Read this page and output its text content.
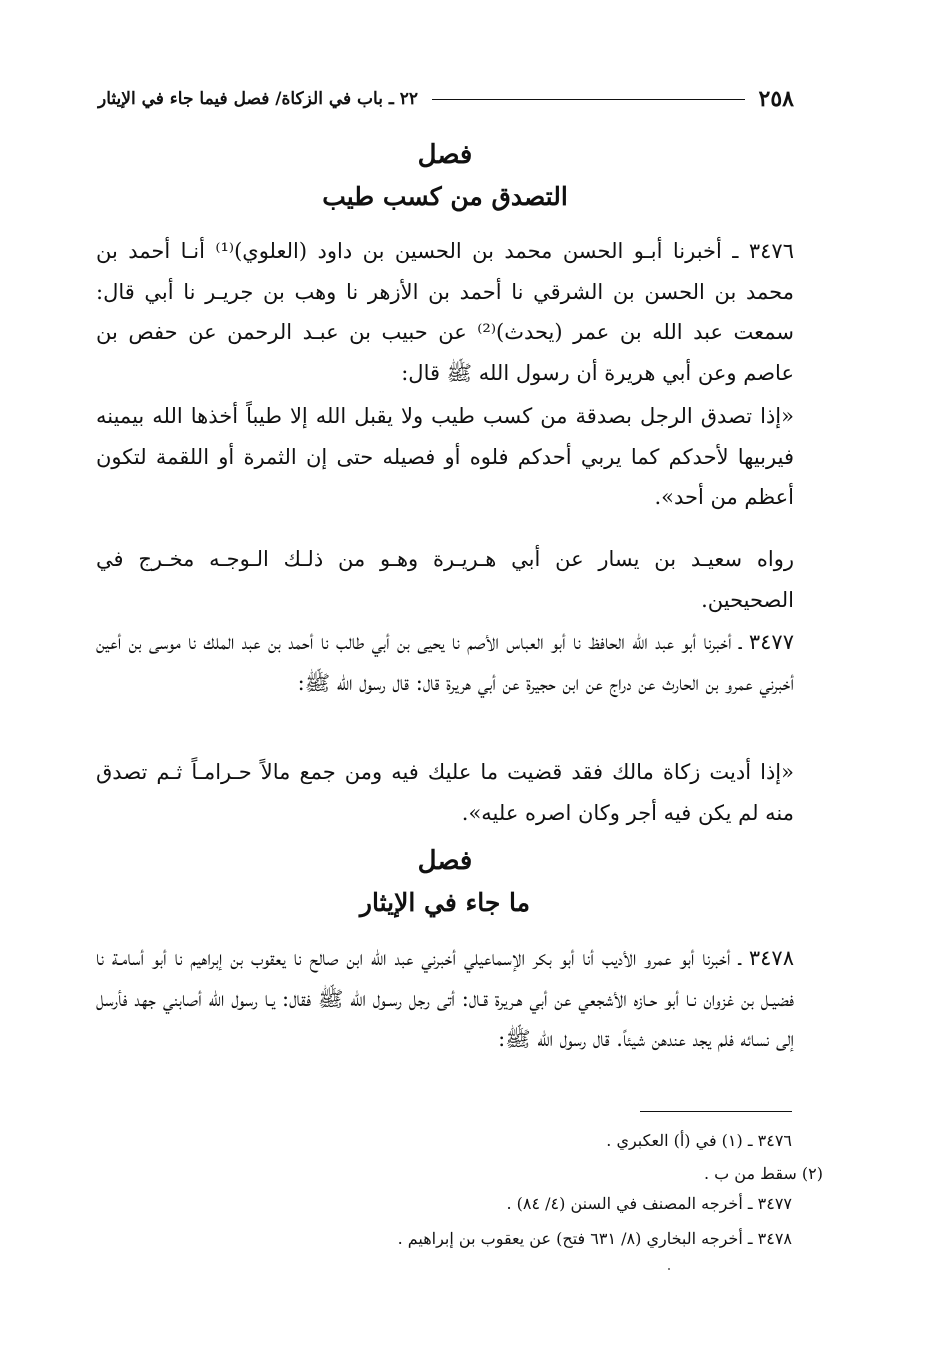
٢٥٨
٢٢ ـ باب في الزكاة/ فصل فيما جاء في الإيثار
فصل
التصدق من كسب طيب
٣٤٧٦ ـ أخبرنا أبـو الحسن محمد بن الحسين بن داود (العلوي)⁽¹⁾ أنـا أحمد بن محمد بن الحسن بن الشرقي نا أحمد بن الأزهر نا وهب بن جريـر نا أبي قال: سمعت عبد الله بن عمر (يحدث)⁽²⁾ عن حبيب بن عبـد الرحمن عن حفص بن عاصم وعن أبي هريرة أن رسول الله ﷺ قال:
«إذا تصدق الرجل بصدقة من كسب طيب ولا يقبل الله إلا طيباً أخذها الله بيمينه فيربيها لأحدكم كما يربي أحدكم فلوه أو فصيله حتى إن الثمرة أو اللقمة لتكون أعظم من أحد».
رواه سعيـد بن يسار عن أبي هـريـرة وهـو من ذلـك الـوجـه مخـرج في الصحيحين.
٣٤٧٧ ـ أخبرنا أبو عبد الله الحافظ نا أبو العباس الأصم نا يحيى بن أبي طالب نا أحمد بن عبد الملك نا موسى بن أعين أخبرني عمرو بن الحارث عن دراج عن ابن حجيرة عن أبي هريرة قال: قال رسول الله ﷺ:
«إذا أديت زكاة مالك فقد قضيت ما عليك فيه ومن جمع مالاً حـرامـاً ثـم تصدق منه لم يكن فيه أجر وكان اصره عليه».
فصل
ما جاء في الإيثار
٣٤٧٨ ـ أخبرنا أبو عمرو الأديب أنا أبو بكر الإسماعيلي أخبرني عبد الله ابن صالح نا يعقوب بن إبراهيم نا أبو أسامـة نا فضيـل بن غزوان نـا أبو حـازه الأشجعي عن أبي هـريرة قـال: أتى رجل رسـول الله ﷺ فقال: يـا رسول الله أصابني جهد فأرسل إلى نسائه فلم يجد عندهن شيئاً. قال رسول الله ﷺ:
٣٤٧٦ ـ (١) في (أ) العكبري .
(٢) سقط من ب .
٣٤٧٧ ـ أخرجه المصنف في السنن (٤/ ٨٤) .
٣٤٧٨ ـ أخرجه البخاري (٨/ ٦٣١ فتح) عن يعقوب بن إبراهيم .
